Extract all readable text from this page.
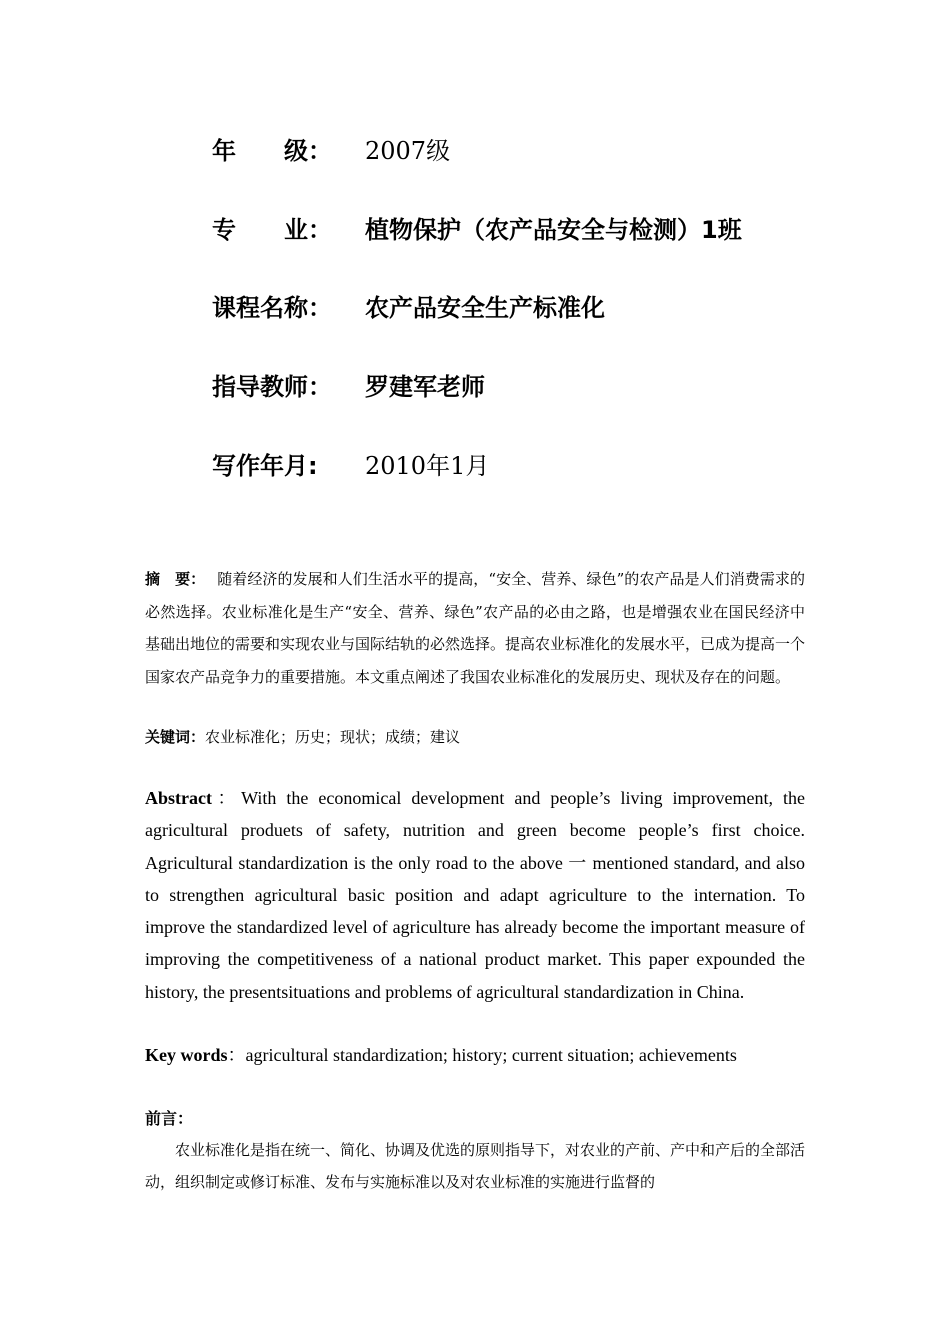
年　　级：	2007级
专　　业：	植物保护（农产品安全与检测）1班
课程名称：	农产品安全生产标准化
指导教师：	罗建军老师
写作年月:	2010年1月
摘　要： 随着经济的发展和人们生活水平的提高，“安全、营养、绿色”的农产品是人们消费需求的必然选择。农业标准化是生产“安全、营养、绿色”农产品的必由之路，也是增强农业在国民经济中基础出地位的需要和实现农业与国际结轨的必然选择。提高农业标准化的发展水平，已成为提高一个国家农产品竞争力的重要措施。本文重点阐述了我国农业标准化的发展历史、现状及存在的问题。
关键词：农业标准化；历史；现状；成绩；建议
Abstract：With the economical development and people’s living improvement, the agricultural produets of safety, nutrition and green become people’s first choice. Agricultural standardization is the only road to the above 一 mentioned standard, and also to strengthen agricultural basic position and adapt agriculture to the internation. To improve the standardized level of agriculture has already become the important measure of improving the competitiveness of a national product market. This paper expounded the history, the presentsituations and problems of agricultural standardization in China.
Key words：agricultural standardization; history; current situation; achievements
前言：
农业标准化是指在统一、简化、协调及优选的原则指导下，对农业的产前、产中和产后的全部活动，组织制定或修订标准、发布与实施标准以及对农业标准的实施进行监督的
